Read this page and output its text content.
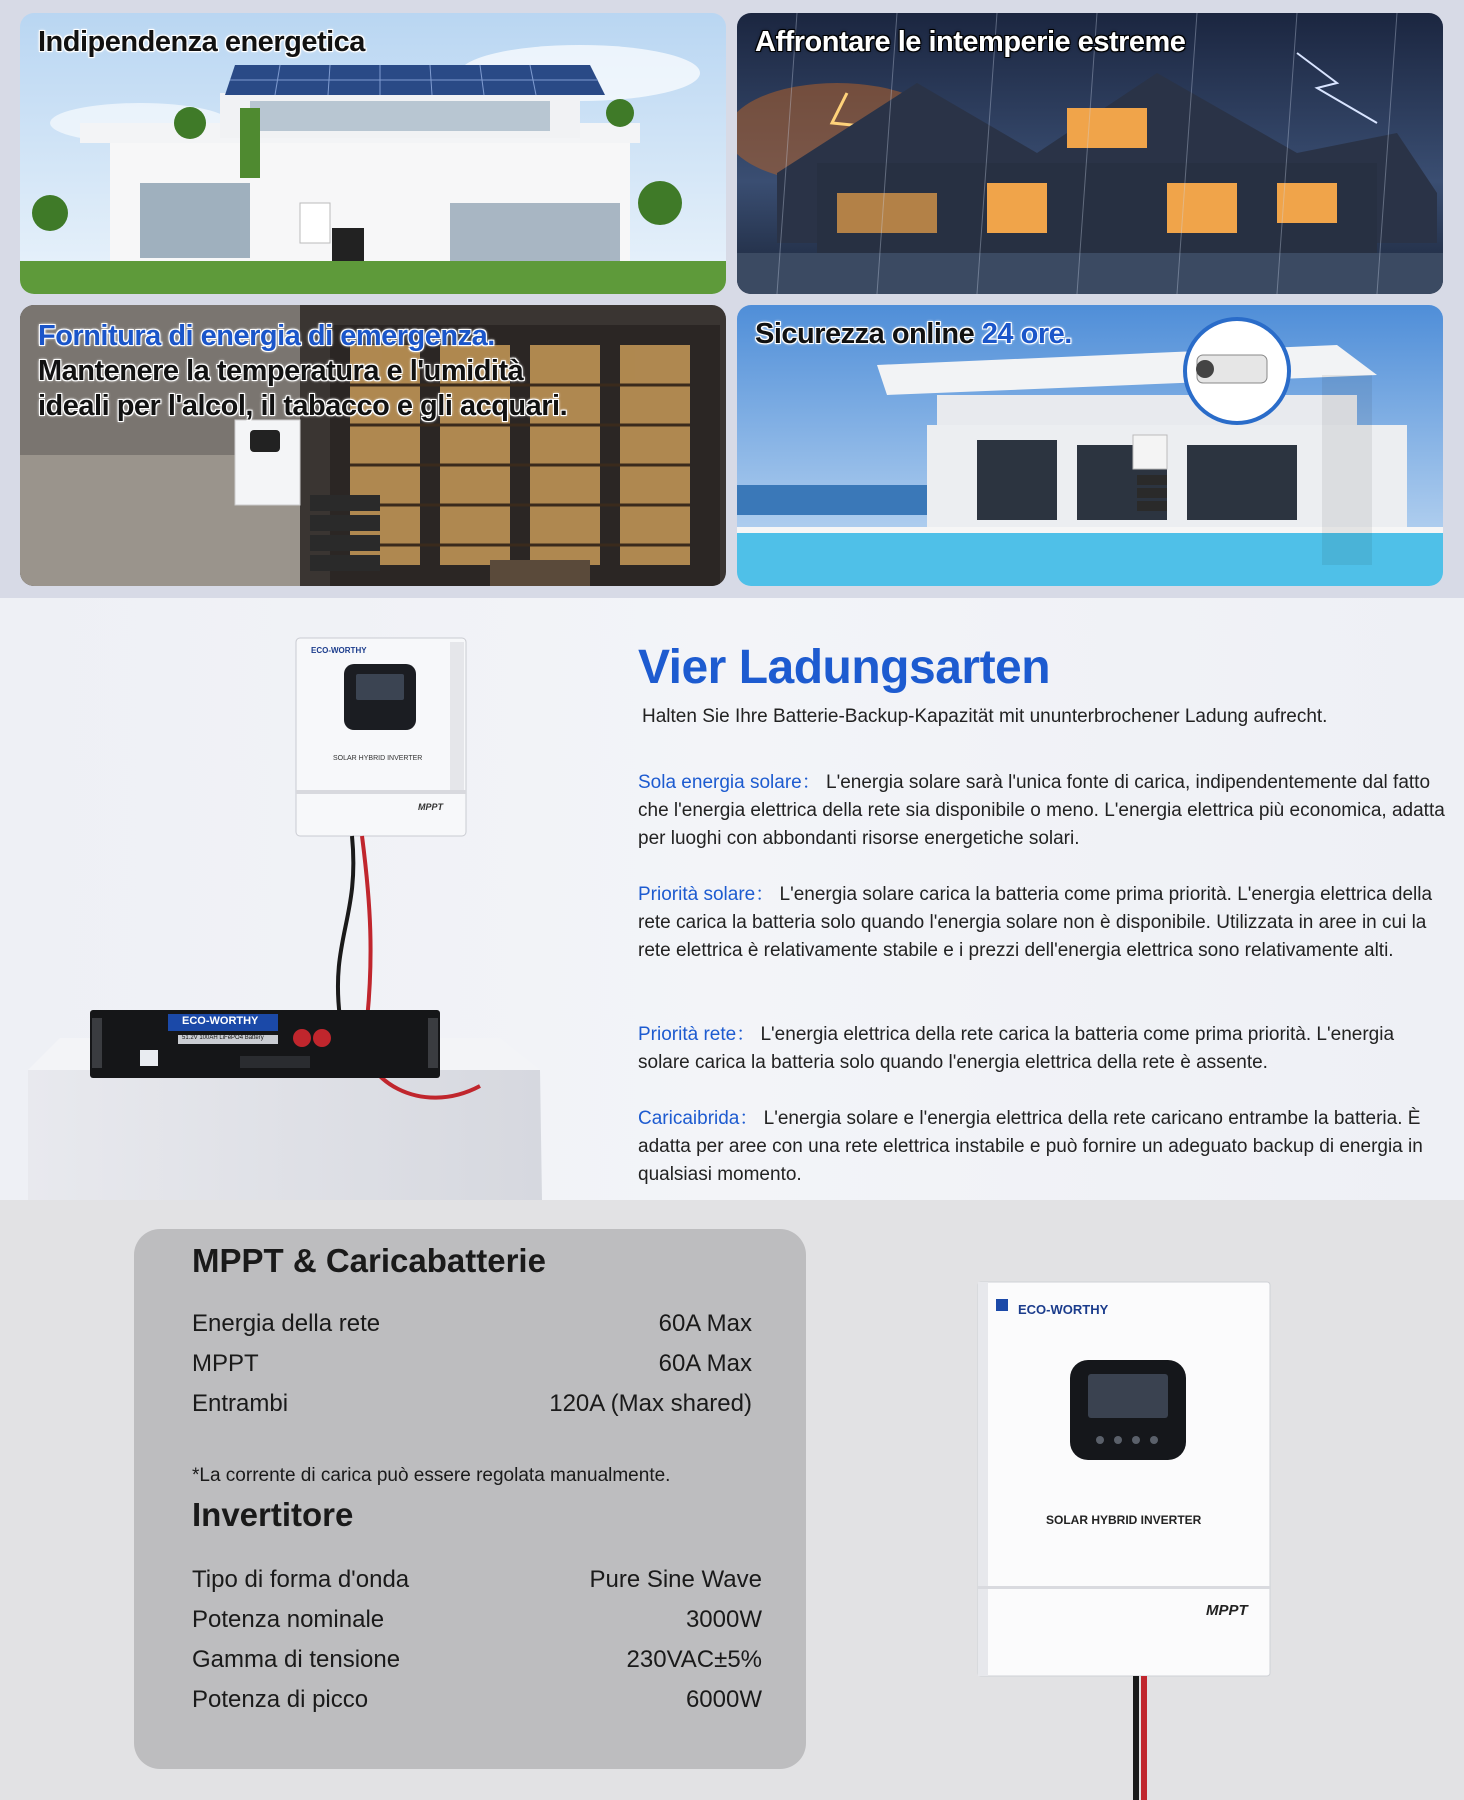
Indipendenza energetica	Affrontare le intemperie estreme
Fornitura di energia di emergenza.
Mantenere la temperatura e l'umidità
ideali per l'alcol, il tabacco e gli acquari.
Sicurezza online 24 ore.
ECO-WORTHY
SOLAR HYBRID INVERTER
MPPT
ECO-WORTHY
51.2V 100AH LiFePO4 Battery
Vier Ladungsarten
Halten Sie Ihre Batterie-Backup-Kapazität mit ununterbrochener Ladung aufrecht.
Sola energia solare： L'energia solare sarà l'unica fonte di carica, indipendentemente dal fatto che l'energia elettrica della rete sia disponibile o meno. L'energia elettrica più economica, adatta per luoghi con abbondanti risorse energetiche solari.
Priorità solare： L'energia solare carica la batteria come prima priorità. L'energia elettrica della rete carica la batteria solo quando l'energia solare non è disponibile. Utilizzata in aree in cui la rete elettrica è relativamente stabile e i prezzi dell'energia elettrica sono relativamente alti.
Priorità rete： L'energia elettrica della rete carica la batteria come prima priorità. L'energia solare carica la batteria solo quando l'energia elettrica della rete è assente.
Caricaibrida： L'energia solare e l'energia elettrica della rete caricano entrambe la batteria. È adatta per aree con una rete elettrica instabile e può fornire un adeguato backup di energia in qualsiasi momento.
MPPT & Caricabatterie
Energia della rete	60A Max
MPPT	60A Max
Entrambi	120A (Max shared)
*La corrente di carica può essere regolata manualmente.
Invertitore
Tipo di forma d'onda	Pure Sine Wave
Potenza nominale	3000W
Gamma di tensione	230VAC±5%
Potenza di picco	6000W
ECO-WORTHY
SOLAR HYBRID INVERTER
MPPT
